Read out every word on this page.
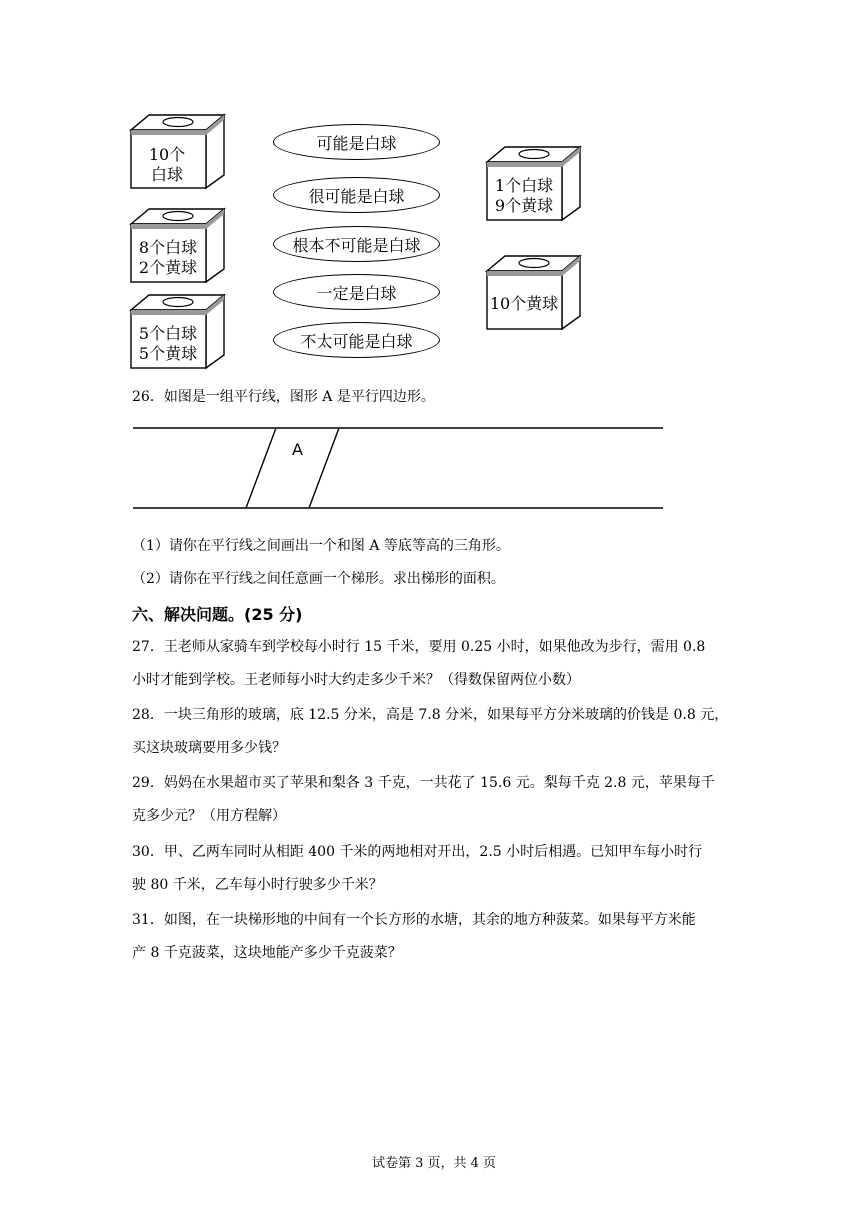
10个
白球
8个白球
2个黄球
5个白球
5个黄球
可能是白球
很可能是白球
根本不可能是白球
一定是白球
不太可能是白球
1个白球
9个黄球
10个黄球
26．如图是一组平行线，图形 A 是平行四边形。
A
（1）请你在平行线之间画出一个和图 A 等底等高的三角形。
（2）请你在平行线之间任意画一个梯形。求出梯形的面积。
六、解决问题。(25 分)
27．王老师从家骑车到学校每小时行 15 千米，要用 0.25 小时，如果他改为步行，需用 0.8
小时才能到学校。王老师每小时大约走多少千米？（得数保留两位小数）
28．一块三角形的玻璃，底 12.5 分米，高是 7.8 分米，如果每平方分米玻璃的价钱是 0.8 元，
买这块玻璃要用多少钱？
29．妈妈在水果超市买了苹果和梨各 3 千克，一共花了 15.6 元。梨每千克 2.8 元，苹果每千
克多少元？（用方程解）
30．甲、乙两车同时从相距 400 千米的两地相对开出，2.5 小时后相遇。已知甲车每小时行
驶 80 千米，乙车每小时行驶多少千米？
31．如图，在一块梯形地的中间有一个长方形的水塘，其余的地方种菠菜。如果每平方米能
产 8 千克菠菜，这块地能产多少千克菠菜？
试卷第 3 页，共 4 页
